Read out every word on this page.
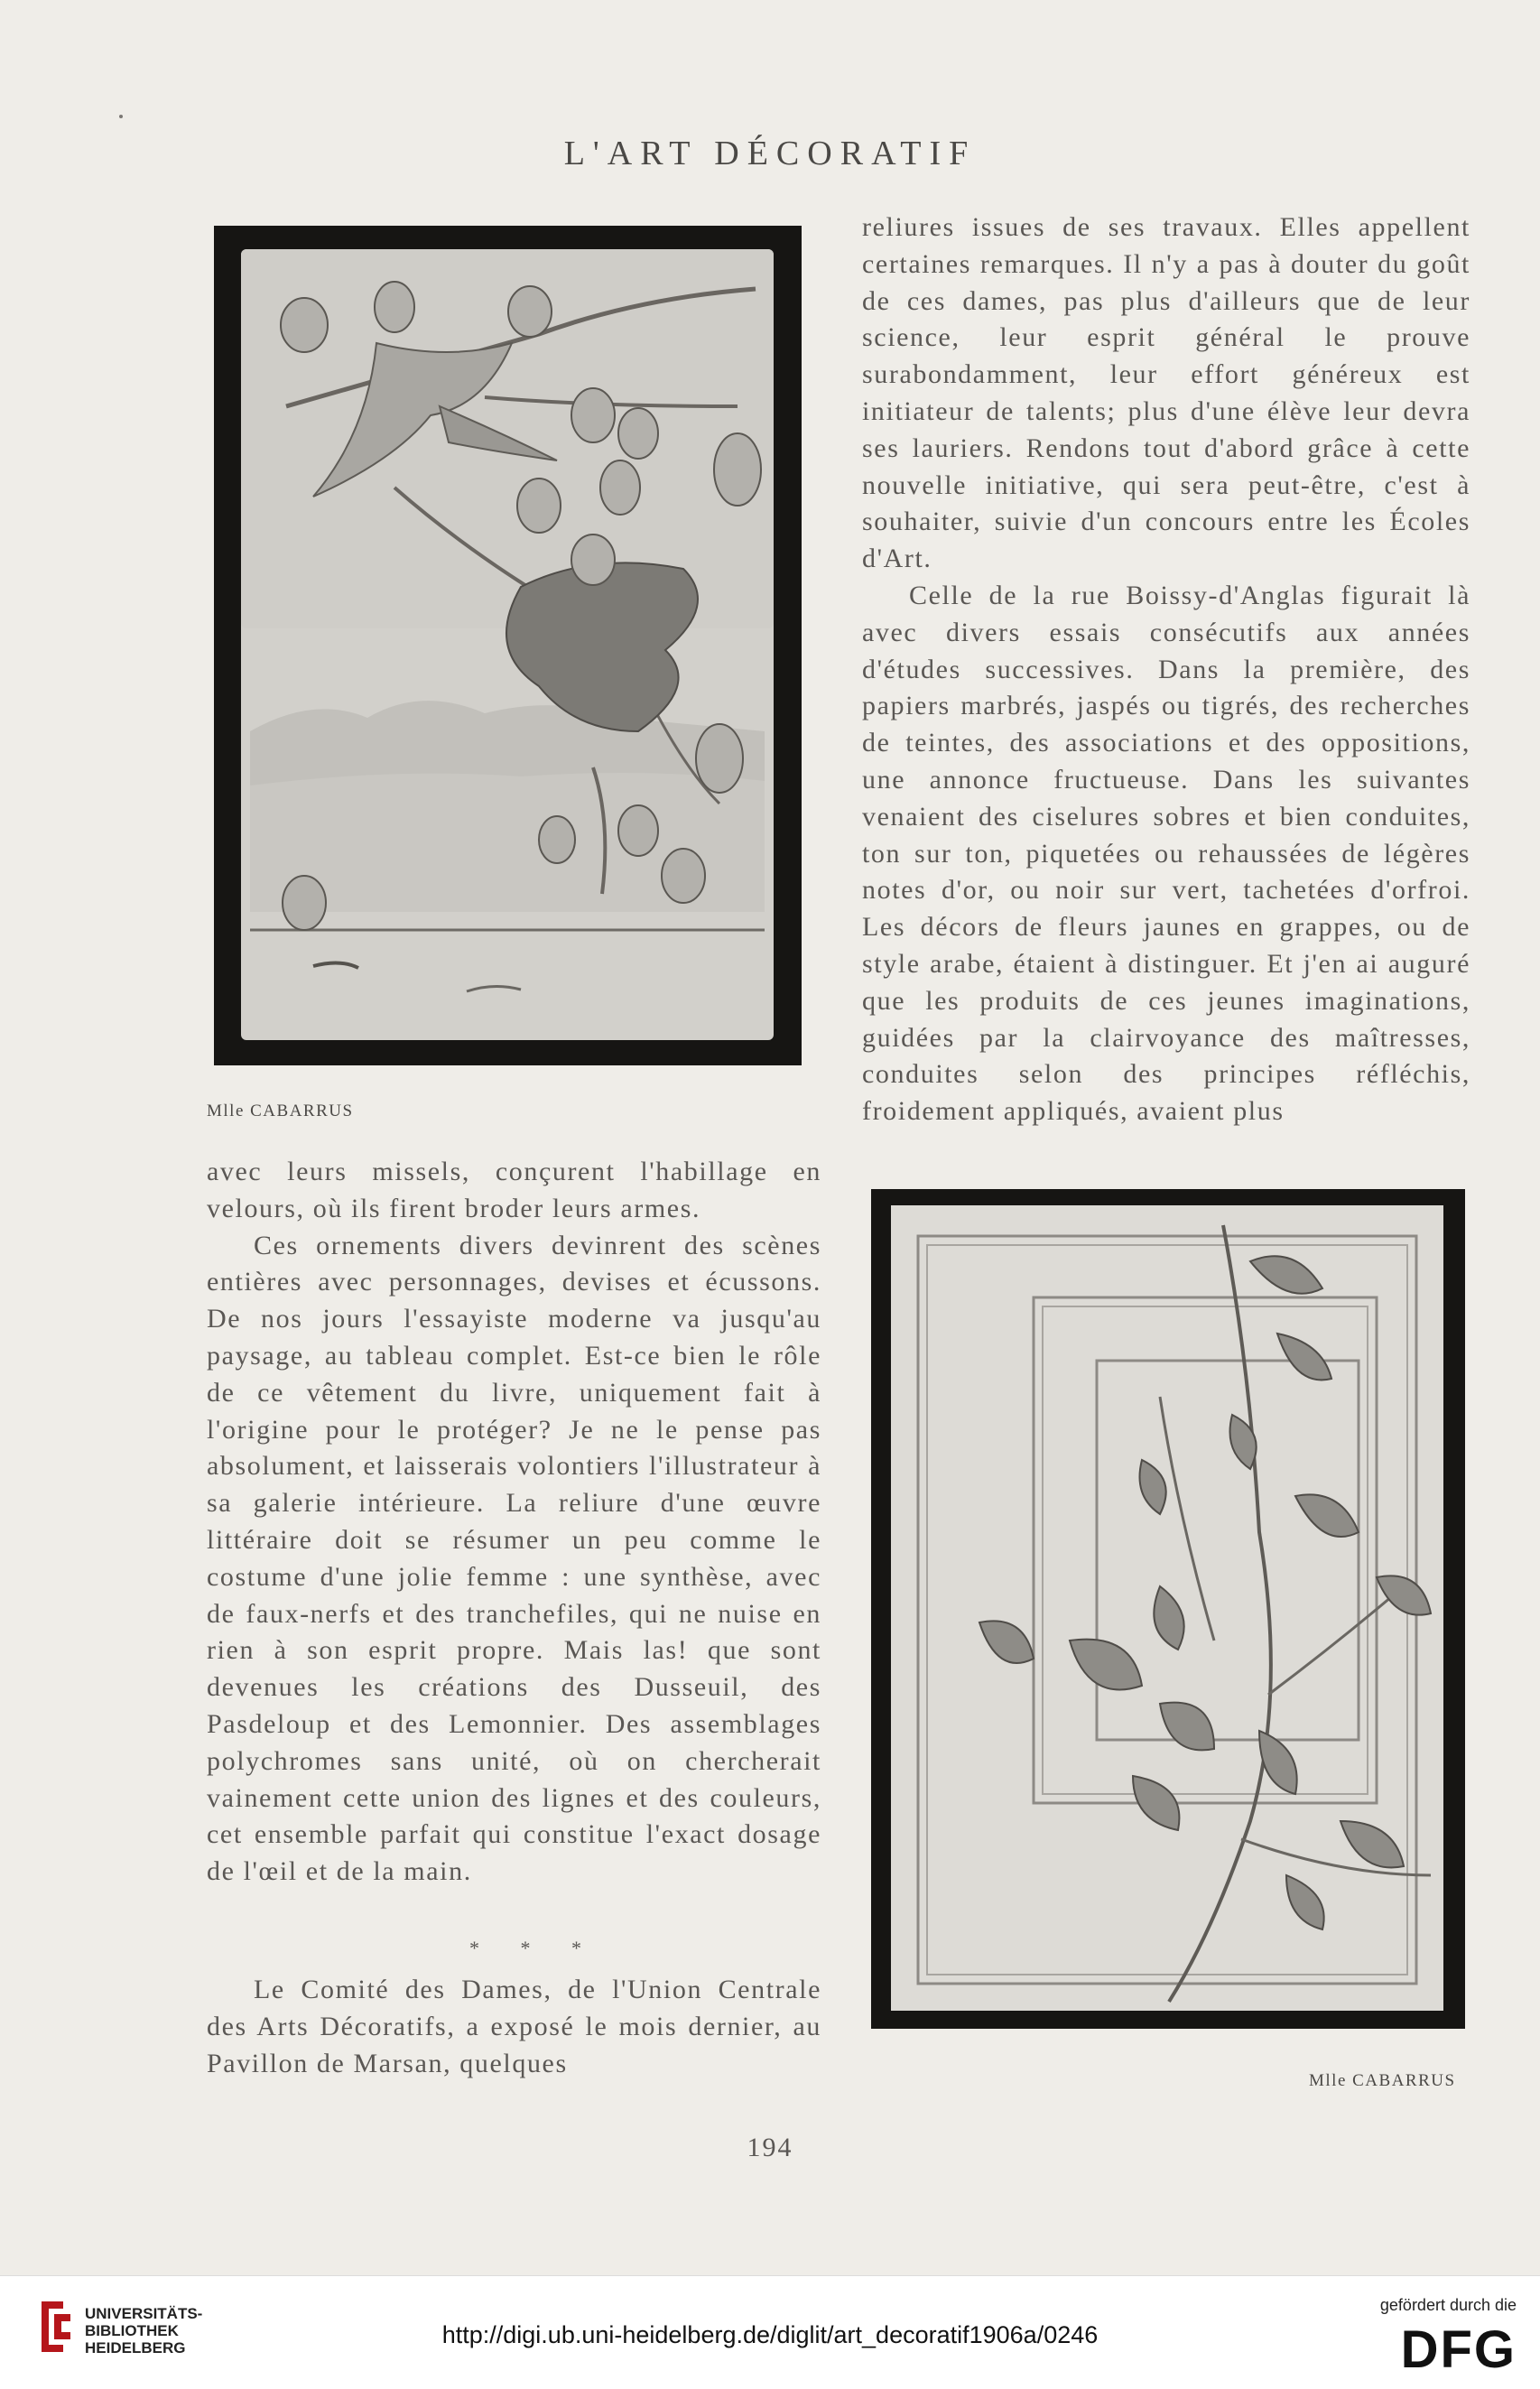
L'ART DÉCORATIF
Mlle CABARRUS

reliures issues de ses travaux. Elles appellent certaines remarques. Il n'y a pas à douter du goût de ces dames, pas plus d'ailleurs que de leur science, leur esprit général le prouve surabondamment, leur effort généreux est initiateur de talents; plus d'une élève leur devra ses lauriers. Rendons tout d'abord grâce à cette nouvelle initiative, qui sera peut-être, c'est à souhaiter, suivie d'un concours entre les Écoles d'Art.

Celle de la rue Boissy-d'Anglas figurait là avec divers essais consécutifs aux années d'études successives. Dans la première, des papiers marbrés, jaspés ou tigrés, des recherches de teintes, des associations et des oppositions, une annonce fructueuse. Dans les suivantes venaient des ciselures sobres et bien conduites, ton sur ton, piquetées ou rehaussées de légères notes d'or, ou noir sur vert, tachetées d'orfroi. Les décors de fleurs jaunes en grappes, ou de style arabe, étaient à distinguer. Et j'en ai auguré que les produits de ces jeunes imaginations, guidées par la clairvoyance des maîtresses, conduites selon des principes réfléchis, froidement appliqués, avaient plus

Mlle CABARRUS

avec leurs missels, conçurent l'habillage en velours, où ils firent broder leurs armes.

Ces ornements divers devinrent des scènes entières avec personnages, devises et écussons. De nos jours l'essayiste moderne va jusqu'au paysage, au tableau complet. Est-ce bien le rôle de ce vêtement du livre, uniquement fait à l'origine pour le protéger? Je ne le pense pas absolument, et laisserais volontiers l'illustrateur à sa galerie intérieure. La reliure d'une œuvre littéraire doit se résumer un peu comme le costume d'une jolie femme : une synthèse, avec de faux-nerfs et des tranchefiles, qui ne nuise en rien à son esprit propre. Mais las! que sont devenues les créations des Dusseuil, des Pasdeloup et des Lemonnier. Des assemblages polychromes sans unité, où on chercherait vainement cette union des lignes et des couleurs, cet ensemble parfait qui constitue l'exact dosage de l'œil et de la main.

* * *

Le Comité des Dames, de l'Union Centrale des Arts Décoratifs, a exposé le mois dernier, au Pavillon de Marsan, quelques

194
UNIVERSITÄTS-
BIBLIOTHEK
HEIDELBERG	http://digi.ub.uni-heidelberg.de/diglit/art_decoratif1906a/0246
gefördert durch die
DFG
